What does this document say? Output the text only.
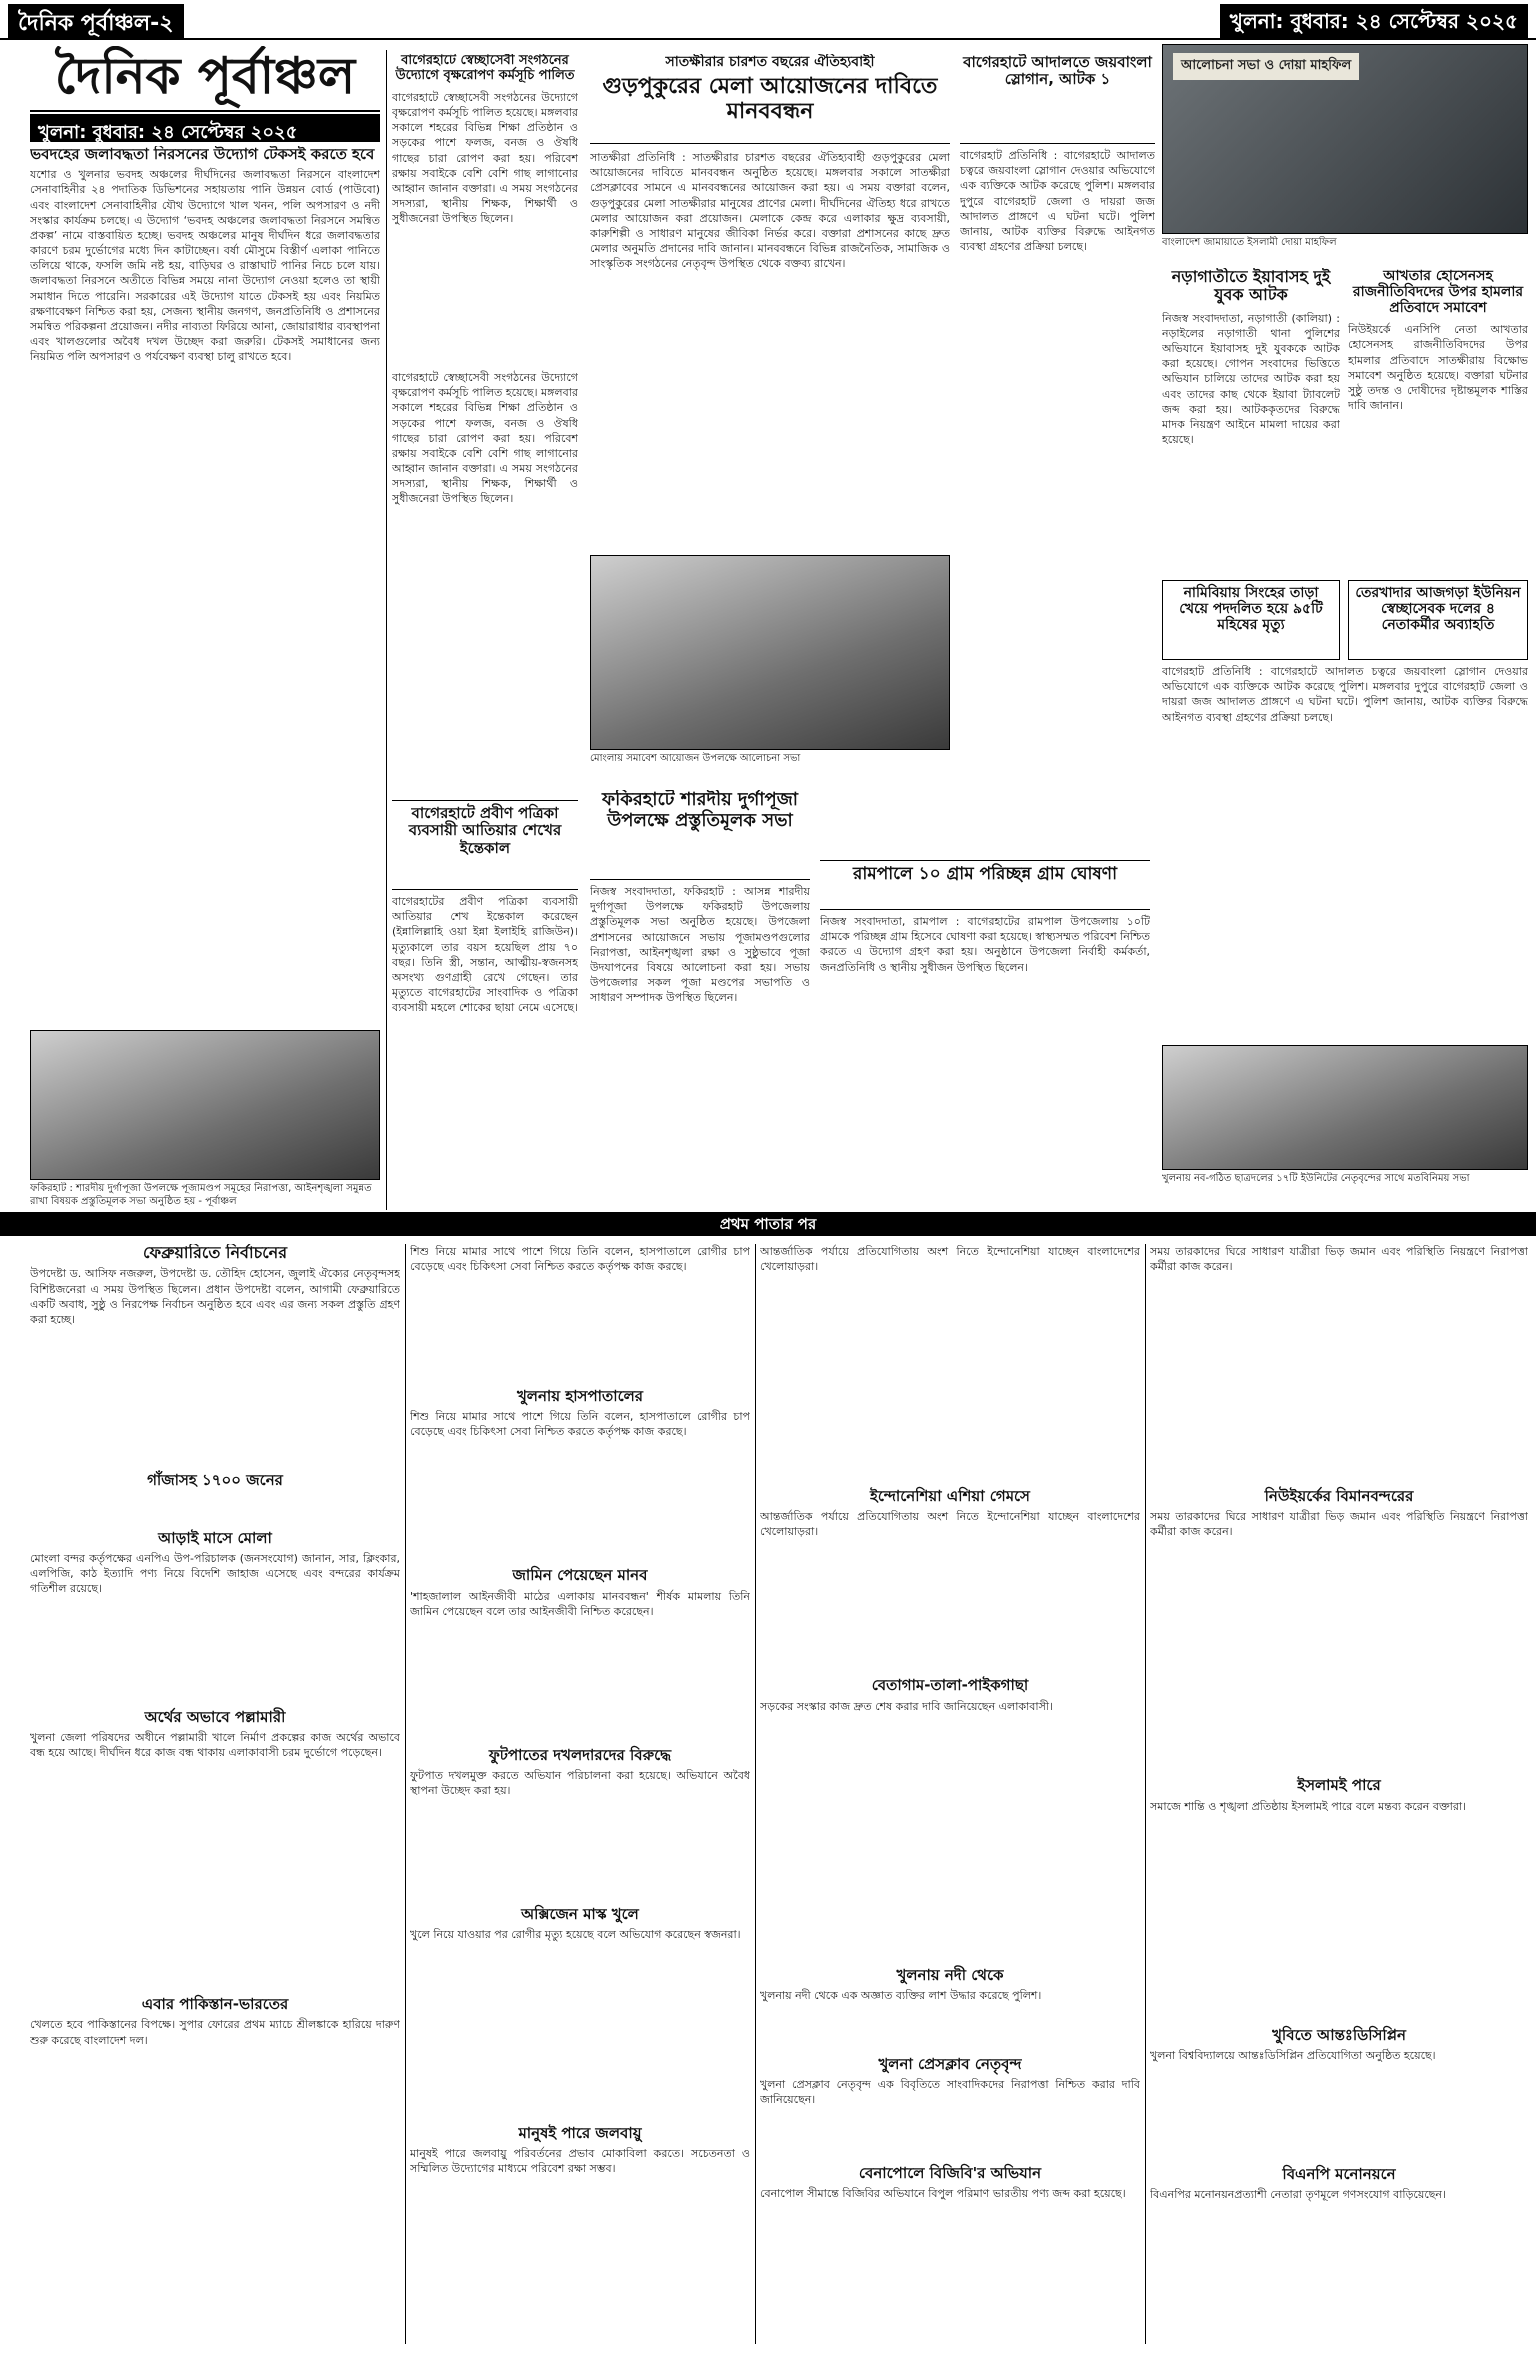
দৈনিক পূর্বাঞ্চল-২	খুলনা: বুধবার: ২৪ সেপ্টেম্বর ২০২৫
দৈনিক পূর্বাঞ্চল
খুলনা: বুধবার: ২৪ সেপ্টেম্বর ২০২৫
ভবদহের জলাবদ্ধতা নিরসনের উদ্যোগ টেকসই করতে হবে
যশোর ও খুলনার ভবদহ অঞ্চলের দীর্ঘদিনের জলাবদ্ধতা নিরসনে বাংলাদেশ সেনাবাহিনীর ২৪ পদাতিক ডিভিশনের সহায়তায় পানি উন্নয়ন বোর্ড (পাউবো) এবং বাংলাদেশ সেনাবাহিনীর যৌথ উদ্যোগে খাল খনন, পলি অপসারণ ও নদী সংস্কার কার্যক্রম চলছে। এ উদ্যোগ ‘ভবদহ অঞ্চলের জলাবদ্ধতা নিরসনে সমন্বিত প্রকল্প’ নামে বাস্তবায়িত হচ্ছে। ভবদহ অঞ্চলের মানুষ দীর্ঘদিন ধরে জলাবদ্ধতার কারণে চরম দুর্ভোগের মধ্যে দিন কাটাচ্ছেন। বর্ষা মৌসুমে বিস্তীর্ণ এলাকা পানিতে তলিয়ে থাকে, ফসলি জমি নষ্ট হয়, বাড়িঘর ও রাস্তাঘাট পানির নিচে চলে যায়। জলাবদ্ধতা নিরসনে অতীতে বিভিন্ন সময়ে নানা উদ্যোগ নেওয়া হলেও তা স্থায়ী সমাধান দিতে পারেনি। সরকারের এই উদ্যোগ যাতে টেকসই হয় এবং নিয়মিত রক্ষণাবেক্ষণ নিশ্চিত করা হয়, সেজন্য স্থানীয় জনগণ, জনপ্রতিনিধি ও প্রশাসনের সমন্বিত পরিকল্পনা প্রয়োজন। নদীর নাব্যতা ফিরিয়ে আনা, জোয়ারাধার ব্যবস্থাপনা এবং খালগুলোর অবৈধ দখল উচ্ছেদ করা জরুরি। টেকসই সমাধানের জন্য নিয়মিত পলি অপসারণ ও পর্যবেক্ষণ ব্যবস্থা চালু রাখতে হবে।
ফকিরহাট : শারদীয় দুর্গাপূজা উপলক্ষে পূজামণ্ডপ সমূহের নিরাপত্তা, আইনশৃঙ্খলা সমুন্নত রাখা বিষয়ক প্রস্তুতিমূলক সভা অনুষ্ঠিত হয় - পূর্বাঞ্চল
বাগেরহাটে স্বেচ্ছাসেবী সংগঠনের উদ্যোগে বৃক্ষরোপণ কর্মসূচি পালিত
বাগেরহাটে স্বেচ্ছাসেবী সংগঠনের উদ্যোগে বৃক্ষরোপণ কর্মসূচি পালিত হয়েছে। মঙ্গলবার সকালে শহরের বিভিন্ন শিক্ষা প্রতিষ্ঠান ও সড়কের পাশে ফলজ, বনজ ও ঔষধি গাছের চারা রোপণ করা হয়। পরিবেশ রক্ষায় সবাইকে বেশি বেশি গাছ লাগানোর আহ্বান জানান বক্তারা। এ সময় সংগঠনের সদস্যরা, স্থানীয় শিক্ষক, শিক্ষার্থী ও সুধীজনেরা উপস্থিত ছিলেন।
বাগেরহাটে স্বেচ্ছাসেবী সংগঠনের উদ্যোগে বৃক্ষরোপণ কর্মসূচি পালিত হয়েছে। মঙ্গলবার সকালে শহরের বিভিন্ন শিক্ষা প্রতিষ্ঠান ও সড়কের পাশে ফলজ, বনজ ও ঔষধি গাছের চারা রোপণ করা হয়। পরিবেশ রক্ষায় সবাইকে বেশি বেশি গাছ লাগানোর আহ্বান জানান বক্তারা। এ সময় সংগঠনের সদস্যরা, স্থানীয় শিক্ষক, শিক্ষার্থী ও সুধীজনেরা উপস্থিত ছিলেন।
সাতক্ষীরার চারশত বছরের ঐতিহ্যবাহী
গুড়পুকুরের মেলা আয়োজনের দাবিতে মানববন্ধন
সাতক্ষীরা প্রতিনিধি : সাতক্ষীরার চারশত বছরের ঐতিহ্যবাহী গুড়পুকুরের মেলা আয়োজনের দাবিতে মানববন্ধন অনুষ্ঠিত হয়েছে। মঙ্গলবার সকালে সাতক্ষীরা প্রেসক্লাবের সামনে এ মানববন্ধনের আয়োজন করা হয়। এ সময় বক্তারা বলেন, গুড়পুকুরের মেলা সাতক্ষীরার মানুষের প্রাণের মেলা। দীর্ঘদিনের ঐতিহ্য ধরে রাখতে মেলার আয়োজন করা প্রয়োজন। মেলাকে কেন্দ্র করে এলাকার ক্ষুদ্র ব্যবসায়ী, কারুশিল্পী ও সাধারণ মানুষের জীবিকা নির্ভর করে। বক্তারা প্রশাসনের কাছে দ্রুত মেলার অনুমতি প্রদানের দাবি জানান। মানববন্ধনে বিভিন্ন রাজনৈতিক, সামাজিক ও সাংস্কৃতিক সংগঠনের নেতৃবৃন্দ উপস্থিত থেকে বক্তব্য রাখেন।
মোংলায় সমাবেশ আয়োজন উপলক্ষে আলোচনা সভা
বাগেরহাটে আদালতে জয়বাংলা স্লোগান, আটক ১
বাগেরহাট প্রতিনিধি : বাগেরহাটে আদালত চত্বরে জয়বাংলা স্লোগান দেওয়ার অভিযোগে এক ব্যক্তিকে আটক করেছে পুলিশ। মঙ্গলবার দুপুরে বাগেরহাট জেলা ও দায়রা জজ আদালত প্রাঙ্গণে এ ঘটনা ঘটে। পুলিশ জানায়, আটক ব্যক্তির বিরুদ্ধে আইনগত ব্যবস্থা গ্রহণের প্রক্রিয়া চলছে।
আলোচনা সভা ও দোয়া মাহফিল
বাংলাদেশ জামায়াতে ইসলামী দোয়া মাহফিল
নড়াগাতীতে ইয়াবাসহ দুই যুবক আটক
নিজস্ব সংবাদদাতা, নড়াগাতী (কালিয়া) : নড়াইলের নড়াগাতী থানা পুলিশের অভিযানে ইয়াবাসহ দুই যুবককে আটক করা হয়েছে। গোপন সংবাদের ভিত্তিতে অভিযান চালিয়ে তাদের আটক করা হয় এবং তাদের কাছ থেকে ইয়াবা ট্যাবলেট জব্দ করা হয়। আটককৃতদের বিরুদ্ধে মাদক নিয়ন্ত্রণ আইনে মামলা দায়ের করা হয়েছে।
আখতার হোসেনসহ রাজনীতিবিদদের উপর হামলার প্রতিবাদে সমাবেশ
নিউইয়র্কে এনসিপি নেতা আখতার হোসেনসহ রাজনীতিবিদদের উপর হামলার প্রতিবাদে সাতক্ষীরায় বিক্ষোভ সমাবেশ অনুষ্ঠিত হয়েছে। বক্তারা ঘটনার সুষ্ঠু তদন্ত ও দোষীদের দৃষ্টান্তমূলক শাস্তির দাবি জানান।
নামিবিয়ায় সিংহের তাড়া খেয়ে পদদলিত হয়ে ৯৫টি মহিষের মৃত্যু
তেরখাদার আজগড়া ইউনিয়ন স্বেচ্ছাসেবক দলের ৪ নেতাকর্মীর অব্যাহতি
বাগেরহাট প্রতিনিধি : বাগেরহাটে আদালত চত্বরে জয়বাংলা স্লোগান দেওয়ার অভিযোগে এক ব্যক্তিকে আটক করেছে পুলিশ। মঙ্গলবার দুপুরে বাগেরহাট জেলা ও দায়রা জজ আদালত প্রাঙ্গণে এ ঘটনা ঘটে। পুলিশ জানায়, আটক ব্যক্তির বিরুদ্ধে আইনগত ব্যবস্থা গ্রহণের প্রক্রিয়া চলছে।
বাগেরহাটে প্রবীণ পত্রিকা ব্যবসায়ী আতিয়ার শেখের ইন্তেকাল
বাগেরহাটের প্রবীণ পত্রিকা ব্যবসায়ী আতিয়ার শেখ ইন্তেকাল করেছেন (ইন্নালিল্লাহি ওয়া ইন্না ইলাইহি রাজিউন)। মৃত্যুকালে তার বয়স হয়েছিল প্রায় ৭০ বছর। তিনি স্ত্রী, সন্তান, আত্মীয়-স্বজনসহ অসংখ্য গুণগ্রাহী রেখে গেছেন। তার মৃত্যুতে বাগেরহাটের সাংবাদিক ও পত্রিকা ব্যবসায়ী মহলে শোকের ছায়া নেমে এসেছে।
ফকিরহাটে শারদীয় দুর্গাপূজা উপলক্ষে প্রস্তুতিমূলক সভা
নিজস্ব সংবাদদাতা, ফকিরহাট : আসন্ন শারদীয় দুর্গাপূজা উপলক্ষে ফকিরহাট উপজেলায় প্রস্তুতিমূলক সভা অনুষ্ঠিত হয়েছে। উপজেলা প্রশাসনের আয়োজনে সভায় পূজামণ্ডপগুলোর নিরাপত্তা, আইনশৃঙ্খলা রক্ষা ও সুষ্ঠুভাবে পূজা উদযাপনের বিষয়ে আলোচনা করা হয়। সভায় উপজেলার সকল পূজা মণ্ডপের সভাপতি ও সাধারণ সম্পাদক উপস্থিত ছিলেন।
রামপালে ১০ গ্রাম পরিচ্ছন্ন গ্রাম ঘোষণা
নিজস্ব সংবাদদাতা, রামপাল : বাগেরহাটের রামপাল উপজেলায় ১০টি গ্রামকে পরিচ্ছন্ন গ্রাম হিসেবে ঘোষণা করা হয়েছে। স্বাস্থ্যসম্মত পরিবেশ নিশ্চিত করতে এ উদ্যোগ গ্রহণ করা হয়। অনুষ্ঠানে উপজেলা নির্বাহী কর্মকর্তা, জনপ্রতিনিধি ও স্থানীয় সুধীজন উপস্থিত ছিলেন।
খুলনায় নব-গঠিত ছাত্রদলের ১৭টি ইউনিটের নেতৃবৃন্দের সাথে মতবিনিময় সভা
প্রথম পাতার পর
ফেব্রুয়ারিতে নির্বাচনের
উপদেষ্টা ড. আসিফ নজরুল, উপদেষ্টা ড. তৌহিদ হোসেন, জুলাই ঐক্যের নেতৃবৃন্দসহ বিশিষ্টজনেরা এ সময় উপস্থিত ছিলেন। প্রধান উপদেষ্টা বলেন, আগামী ফেব্রুয়ারিতে একটি অবাধ, সুষ্ঠু ও নিরপেক্ষ নির্বাচন অনুষ্ঠিত হবে এবং এর জন্য সকল প্রস্তুতি গ্রহণ করা হচ্ছে।
গাঁজাসহ ১৭০০ জনের
আড়াই মাসে মোলা
মোংলা বন্দর কর্তৃপক্ষের এনপিএ উপ-পরিচালক (জনসংযোগ) জানান, সার, ক্লিংকার, এলপিজি, কাঠ ইত্যাদি পণ্য নিয়ে বিদেশি জাহাজ এসেছে এবং বন্দরের কার্যক্রম গতিশীল রয়েছে।
অর্থের অভাবে পল্লামারী
খুলনা জেলা পরিষদের অধীনে পল্লামারী খালে নির্মাণ প্রকল্পের কাজ অর্থের অভাবে বন্ধ হয়ে আছে। দীর্ঘদিন ধরে কাজ বন্ধ থাকায় এলাকাবাসী চরম দুর্ভোগে পড়েছেন।
এবার পাকিস্তান-ভারতের
খেলতে হবে পাকিস্তানের বিপক্ষে। সুপার ফোরের প্রথম ম্যাচে শ্রীলঙ্কাকে হারিয়ে দারুণ শুরু করেছে বাংলাদেশ দল।
শিশু নিয়ে মামার সাথে পাশে গিয়ে তিনি বলেন, হাসপাতালে রোগীর চাপ বেড়েছে এবং চিকিৎসা সেবা নিশ্চিত করতে কর্তৃপক্ষ কাজ করছে।
খুলনায় হাসপাতালের
শিশু নিয়ে মামার সাথে পাশে গিয়ে তিনি বলেন, হাসপাতালে রোগীর চাপ বেড়েছে এবং চিকিৎসা সেবা নিশ্চিত করতে কর্তৃপক্ষ কাজ করছে।
জামিন পেয়েছেন মানব
'শাহজালাল আইনজীবী মাঠের এলাকায় মানববন্ধন' শীর্ষক মামলায় তিনি জামিন পেয়েছেন বলে তার আইনজীবী নিশ্চিত করেছেন।
ফুটপাতের দখলদারদের বিরুদ্ধে
ফুটপাত দখলমুক্ত করতে অভিযান পরিচালনা করা হয়েছে। অভিযানে অবৈধ স্থাপনা উচ্ছেদ করা হয়।
অক্সিজেন মাস্ক খুলে
খুলে নিয়ে যাওয়ার পর রোগীর মৃত্যু হয়েছে বলে অভিযোগ করেছেন স্বজনরা।
মানুষই পারে জলবায়ু
মানুষই পারে জলবায়ু পরিবর্তনের প্রভাব মোকাবিলা করতে। সচেতনতা ও সম্মিলিত উদ্যোগের মাধ্যমে পরিবেশ রক্ষা সম্ভব।
আন্তর্জাতিক পর্যায়ে প্রতিযোগিতায় অংশ নিতে ইন্দোনেশিয়া যাচ্ছেন বাংলাদেশের খেলোয়াড়রা।
ইন্দোনেশিয়া এশিয়া গেমসে
আন্তর্জাতিক পর্যায়ে প্রতিযোগিতায় অংশ নিতে ইন্দোনেশিয়া যাচ্ছেন বাংলাদেশের খেলোয়াড়রা।
বেতাগাম-তালা-পাইকগাছা
সড়কের সংস্কার কাজ দ্রুত শেষ করার দাবি জানিয়েছেন এলাকাবাসী।
খুলনায় নদী থেকে
খুলনায় নদী থেকে এক অজ্ঞাত ব্যক্তির লাশ উদ্ধার করেছে পুলিশ।
খুলনা প্রেসক্লাব নেতৃবৃন্দ
খুলনা প্রেসক্লাব নেতৃবৃন্দ এক বিবৃতিতে সাংবাদিকদের নিরাপত্তা নিশ্চিত করার দাবি জানিয়েছেন।
বেনাপোলে বিজিবি'র অভিযান
বেনাপোল সীমান্তে বিজিবির অভিযানে বিপুল পরিমাণ ভারতীয় পণ্য জব্দ করা হয়েছে।
সময় তারকাদের ঘিরে সাধারণ যাত্রীরা ভিড় জমান এবং পরিস্থিতি নিয়ন্ত্রণে নিরাপত্তা কর্মীরা কাজ করেন।
নিউইয়র্কের বিমানবন্দরের
সময় তারকাদের ঘিরে সাধারণ যাত্রীরা ভিড় জমান এবং পরিস্থিতি নিয়ন্ত্রণে নিরাপত্তা কর্মীরা কাজ করেন।
ইসলামই পারে
সমাজে শান্তি ও শৃঙ্খলা প্রতিষ্ঠায় ইসলামই পারে বলে মন্তব্য করেন বক্তারা।
খুবিতে আন্তঃডিসিপ্লিন
খুলনা বিশ্ববিদ্যালয়ে আন্তঃডিসিপ্লিন প্রতিযোগিতা অনুষ্ঠিত হয়েছে।
বিএনপি মনোনয়নে
বিএনপির মনোনয়নপ্রত্যাশী নেতারা তৃণমূলে গণসংযোগ বাড়িয়েছেন।
